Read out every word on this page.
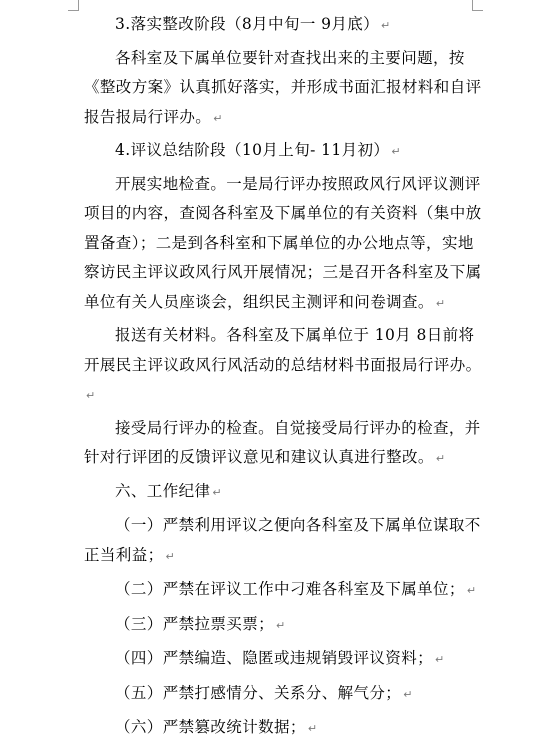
3.落实整改阶段（8月中旬一 9月底） ↵

各科室及下属单位要针对查找出来的主要问题，按《整改方案》认真抓好落实，并形成书面汇报材料和自评报告报局行评办。 ↵

4.评议总结阶段（10月上旬- 11月初） ↵

开展实地检查。一是局行评办按照政风行风评议测评项目的内容，查阅各科室及下属单位的有关资料（集中放置备查）；二是到各科室和下属单位的办公地点等，实地察访民主评议政风行风开展情况；三是召开各科室及下属单位有关人员座谈会，组织民主测评和问卷调查。 ↵

报送有关材料。各科室及下属单位于 10月 8日前将开展民主评议政风行风活动的总结材料书面报局行评办。↵

接受局行评办的检查。自觉接受局行评办的检查，并针对行评团的反馈评议意见和建议认真进行整改。 ↵

六、工作纪律 ↵

（一）严禁利用评议之便向各科室及下属单位谋取不正当利益； ↵

（二）严禁在评议工作中刁难各科室及下属单位； ↵

（三）严禁拉票买票； ↵

（四）严禁编造、隐匿或违规销毁评议资料； ↵

（五）严禁打感情分、关系分、解气分； ↵

（六）严禁篡改统计数据； ↵
